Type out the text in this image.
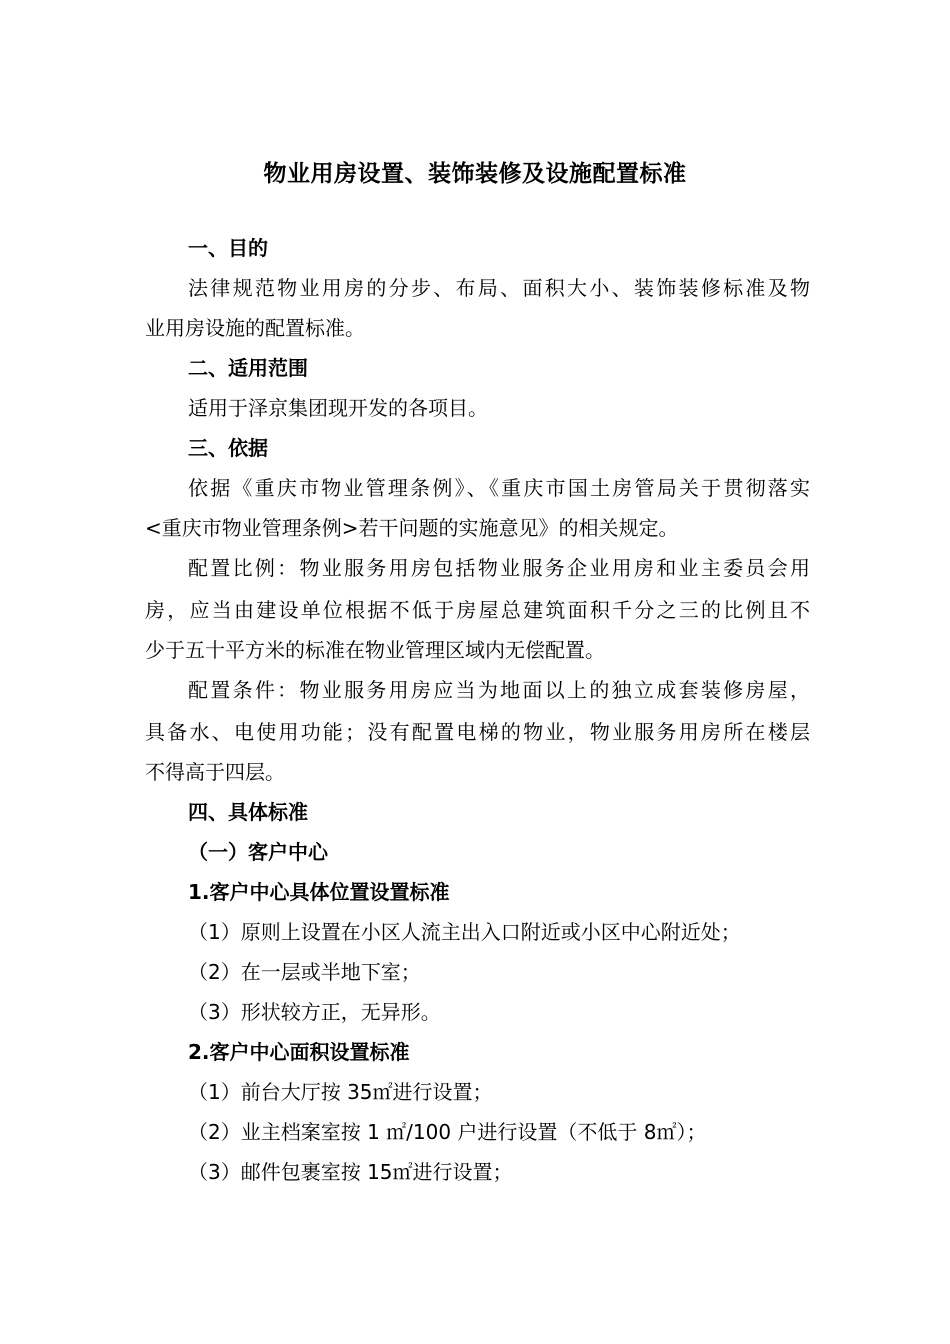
物业用房设置、装饰装修及设施配置标准
一、目的
法律规范物业用房的分步、布局、面积大小、装饰装修标准及物
业用房设施的配置标准。
二、适用范围
适用于泽京集团现开发的各项目。
三、依据
依据《重庆市物业管理条例》、《重庆市国土房管局关于贯彻落实
<重庆市物业管理条例>若干问题的实施意见》的相关规定。
配置比例：物业服务用房包括物业服务企业用房和业主委员会用
房，应当由建设单位根据不低于房屋总建筑面积千分之三的比例且不
少于五十平方米的标准在物业管理区域内无偿配置。
配置条件：物业服务用房应当为地面以上的独立成套装修房屋，
具备水、电使用功能；没有配置电梯的物业，物业服务用房所在楼层
不得高于四层。
四、具体标准
（一）客户中心
1.客户中心具体位置设置标准
（1）原则上设置在小区人流主出入口附近或小区中心附近处；
（2）在一层或半地下室；
（3）形状较方正，无异形。
2.客户中心面积设置标准
（1）前台大厅按 35㎡进行设置；
（2）业主档案室按 1 ㎡/100 户进行设置（不低于 8㎡）；
（3）邮件包裹室按 15㎡进行设置；
